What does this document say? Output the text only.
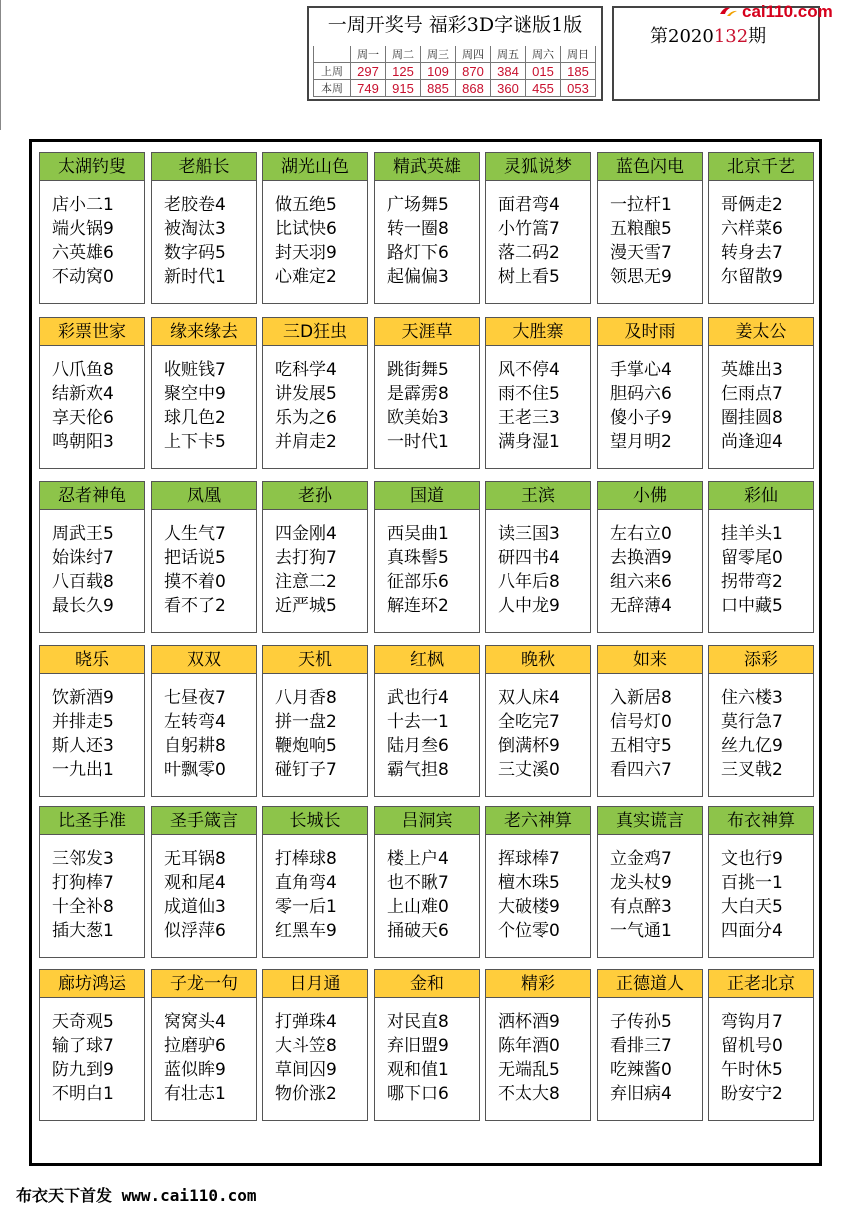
一周开奖号 福彩3D字谜版1版
	周一	周二	周三	周四	周五	周六	周日
上周	297	125	109	870	384	015	185
本周	749	915	885	868	360	455	053
第2020132期
cai110.com
太湖钓叟
店小二1
端火锅9
六英雄6
不动窝0
老船长
老胶卷4
被淘汰3
数字码5
新时代1
湖光山色
做五绝5
比试快6
封天羽9
心难定2
精武英雄
广场舞5
转一圈8
路灯下6
起偏偏3
灵狐说梦
面君弯4
小竹篙7
落二码2
树上看5
蓝色闪电
一拉杆1
五粮酿5
漫天雪7
领思无9
北京千艺
哥俩走2
六样菜6
转身去7
尔留散9
彩票世家
八爪鱼8
结新欢4
享天伦6
鸣朝阳3
缘来缘去
收赃钱7
聚空中9
球几色2
上下卡5
三D狂虫
吃科学4
讲发展5
乐为之6
并肩走2
天涯草
跳街舞5
是霹雳8
欧美始3
一时代1
大胜寨
风不停4
雨不住5
王老三3
满身湿1
及时雨
手掌心4
胆码六6
傻小子9
望月明2
姜太公
英雄出3
仨雨点7
圈挂圆8
尚逢迎4
忍者神龟
周武王5
始诛纣7
八百载8
最长久9
凤凰
人生气7
把话说5
摸不着0
看不了2
老孙
四金刚4
去打狗7
注意二2
近严城5
国道
西吴曲1
真珠髻5
征部乐6
解连环2
王滨
读三国3
研四书4
八年后8
人中龙9
小佛
左右立0
去换酒9
组六来6
无辞薄4
彩仙
挂羊头1
留零尾0
拐带弯2
口中藏5
晓乐
饮新酒9
并排走5
斯人还3
一九出1
双双
七昼夜7
左转弯4
自躬耕8
叶飘零0
天机
八月香8
拼一盘2
鞭炮响5
碰钉子7
红枫
武也行4
十去一1
陆月叁6
霸气担8
晚秋
双人床4
全吃完7
倒满杯9
三丈溪0
如来
入新居8
信号灯0
五相守5
看四六7
添彩
住六楼3
莫行急7
丝九亿9
三叉戟2
比圣手准
三邻发3
打狗棒7
十全补8
插大葱1
圣手箴言
无耳锅8
观和尾4
成道仙3
似浮萍6
长城长
打棒球8
直角弯4
零一后1
红黑车9
吕洞宾
楼上户4
也不瞅7
上山难0
捅破天6
老六神算
挥球棒7
檀木珠5
大破楼9
个位零0
真实谎言
立金鸡7
龙头杖9
有点醉3
一气通1
布衣神算
文也行9
百挑一1
大白天5
四面分4
廊坊鸿运
天奇观5
输了球7
防九到9
不明白1
子龙一句
窝窝头4
拉磨驴6
蓝似眸9
有壮志1
日月通
打弹珠4
大斗笠8
草间囚9
物价涨2
金和
对民直8
弃旧盟9
观和值1
哪下口6
精彩
洒杯酒9
陈年酒0
无端乱5
不太大8
正德道人
子传孙5
看排三7
吃辣酱0
弃旧病4
正老北京
弯钩月7
留机号0
午时休5
盼安宁2
布衣天下首发 www.cai110.com
